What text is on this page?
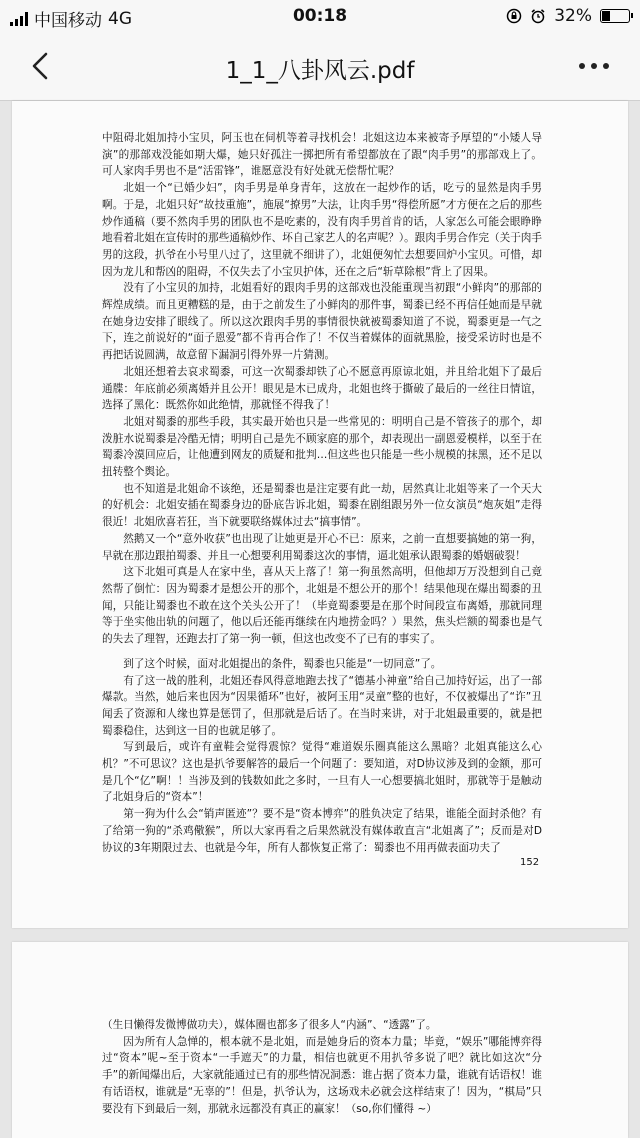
中国移动 4G	00:18	32%
1_1_八卦风云.pdf

中阻碍北姐加持小宝贝，阿玉也在伺机等着寻找机会！北姐这边本来被寄予厚望的“小矮人导演”的那部戏没能如期大爆，她只好孤注一掷把所有希望都放在了跟“肉手男”的那部戏上了。可人家肉手男也不是“活雷锋”，谁愿意没有好处就无偿帮忙呢？

北姐一个“已婚少妇”，肉手男是单身青年，这放在一起炒作的话，吃亏的显然是肉手男啊。于是，北姐只好“故技重施”，施展“撩男”大法，让肉手男“得偿所愿”才方便在之后的那些炒作通稿（要不然肉手男的团队也不是吃素的，没有肉手男首肯的话，人家怎么可能会眼睁睁地看着北姐在宣传时的那些通稿炒作、坏自己家艺人的名声呢？）。跟肉手男合作完（关于肉手男的这段，扒爷在小号里八过了，这里就不细讲了），北姐便匆忙去想要回炉小宝贝。可惜，却因为龙儿和帮凶的阻碍，不仅失去了小宝贝护体，还在之后“斩草除根”背上了因果。

没有了小宝贝的加持，北姐看好的跟肉手男的这部戏也没能重现当初跟“小鲜肉”的那部的辉煌成绩。而且更糟糕的是，由于之前发生了小鲜肉的那件事，蜀黍已经不再信任她而是早就在她身边安排了眼线了。所以这次跟肉手男的事情很快就被蜀黍知道了不说，蜀黍更是一气之下，连之前说好的“面子恩爱”都不肯再合作了！不仅当着媒体的面就黑脸，接受采访时也是不再把话说圆满，故意留下漏洞引得外界一片猜测。

北姐还想着去哀求蜀黍，可这一次蜀黍却铁了心不愿意再原谅北姐，并且给北姐下了最后通牒：年底前必须离婚并且公开！眼见是木已成舟，北姐也终于撕破了最后的一丝往日情谊，选择了黑化：既然你如此绝情，那就怪不得我了！

北姐对蜀黍的那些手段，其实最开始也只是一些常见的：明明自己是不管孩子的那个，却泼脏水说蜀黍是冷酷无情；明明自己是先不顾家庭的那个，却表现出一副恩爱模样，以至于在蜀黍冷漠回应后，让他遭到网友的质疑和批判…但这些也只能是一些小规模的抹黑，还不足以扭转整个舆论。

也不知道是北姐命不该绝，还是蜀黍也是注定要有此一劫，居然真让北姐等来了一个天大的好机会：北姐安插在蜀黍身边的卧底告诉北姐，蜀黍在剧组跟另外一位女演员“炮灰姐”走得很近！北姐欣喜若狂，当下就要联络媒体过去“搞事情”。

然鹅又一个“意外收获”也出现了让她更是开心不已：原来，之前一直想要搞她的第一狗，早就在那边跟拍蜀黍、并且一心想要利用蜀黍这次的事情，逼北姐承认跟蜀黍的婚姻破裂！

这下北姐可真是人在家中坐，喜从天上落了！第一狗虽然高明，但他却万万没想到自己竟然帮了倒忙：因为蜀黍才是想公开的那个，北姐是不想公开的那个！结果他现在爆出蜀黍的丑闻，只能让蜀黍也不敢在这个关头公开了！（毕竟蜀黍要是在那个时间段宣布离婚，那就同理等于坐实他出轨的问题了，他以后还能再继续在内地捞金吗？）果然，焦头烂额的蜀黍也是气的失去了理智，还跑去打了第一狗一顿，但这也改变不了已有的事实了。

到了这个时候，面对北姐提出的条件，蜀黍也只能是“一切同意”了。

有了这一战的胜利，北姐还春风得意地跑去找了“德基小神童”给自己加持好运，出了一部爆款。当然，她后来也因为“因果循环”也好，被阿玉用“灵童”整的也好，不仅被爆出了“诈”丑闻丢了资源和人缘也算是惩罚了，但那就是后话了。在当时来讲，对于北姐最重要的，就是把蜀黍稳住，达到这一目的也就足够了。

写到最后，或许有童鞋会觉得震惊？觉得“难道娱乐圈真能这么黑暗？北姐真能这么心机？”不可思议？这也是扒爷要解答的最后一个问题了：要知道，对D协议涉及到的金额，那可是几个“亿”啊！！当涉及到的钱数如此之多时，一旦有人一心想要搞北姐时，那就等于是触动了北姐身后的“资本”！

第一狗为什么会“销声匿迹”？要不是“资本博弈”的胜负决定了结果，谁能全面封杀他？有了给第一狗的“杀鸡儆猴”，所以大家再看之后果然就没有媒体敢直言“北姐离了”；反而是对D协议的3年期限过去、也就是今年，所有人都恢复正常了：蜀黍也不用再做表面功夫了

152

（生日懒得发微博做功夫），媒体圈也都多了很多人“内涵”、“透露”了。

因为所有人急惮的，根本就不是北姐，而是她身后的资本力量；毕竟，“娱乐”哪能博弈得过“资本”呢~至于资本“一手遮天”的力量，相信也就更不用扒爷多说了吧？就比如这次“分手”的新闻爆出后，大家就能通过已有的那些情况洞悉：谁占据了资本力量，谁就有话语权！谁有话语权，谁就是“无辜的”！但是，扒爷认为，这场戏未必就会这样结束了！因为，“棋局”只要没有下到最后一刻，那就永远都没有真正的赢家！（so,你们懂得 ~）
